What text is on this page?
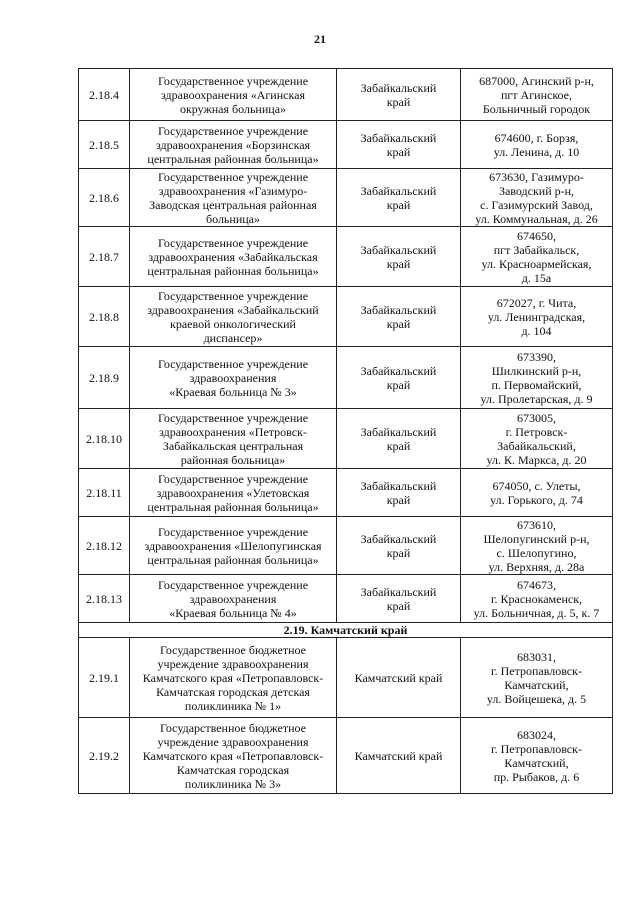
21
2.18.4	Государственное учреждение
здравоохранения «Агинская
окружная больница»	Забайкальский
край	687000, Агинский р-н,
пгт Агинское,
Больничный городок

2.18.5	Государственное учреждение
здравоохранения «Борзинская
центральная районная больница»	Забайкальский
край	674600, г. Борзя,
ул. Ленина, д. 10

2.18.6	Государственное учреждение
здравоохранения «Газимуро-
Заводская центральная районная
больница»	Забайкальский
край	673630, Газимуро-
Заводский р-н,
с. Газимурский Завод,
ул. Коммунальная, д. 26

2.18.7	Государственное учреждение
здравоохранения «Забайкальская
центральная районная больница»	Забайкальский
край	674650,
пгт Забайкальск,
ул. Красноармейская,
д. 15а

2.18.8	Государственное учреждение
здравоохранения «Забайкальский
краевой онкологический
диспансер»	Забайкальский
край	672027, г. Чита,
ул. Ленинградская,
д. 104

2.18.9	Государственное учреждение
здравоохранения
«Краевая больница № 3»	Забайкальский
край	673390,
Шилкинский р-н,
п. Первомайский,
ул. Пролетарская, д. 9

2.18.10	Государственное учреждение
здравоохранения «Петровск-
Забайкальская центральная
районная больница»	Забайкальский
край	673005,
г. Петровск-
Забайкальский,
ул. К. Маркса, д. 20

2.18.11	Государственное учреждение
здравоохранения «Улетовская
центральная районная больница»	Забайкальский
край	674050, с. Улеты,
ул. Горького, д. 74

2.18.12	Государственное учреждение
здравоохранения «Шелопугинская
центральная районная больница»	Забайкальский
край	673610,
Шелопугинский р-н,
с. Шелопугино,
ул. Верхняя, д. 28а

2.18.13	Государственное учреждение
здравоохранения
«Краевая больница № 4»	Забайкальский
край	674673,
г. Краснокаменск,
ул. Больничная, д. 5, к. 7

2.19. Камчатский край			
2.19.1	Государственное бюджетное
учреждение здравоохранения
Камчатского края «Петропавловск-
Камчатская городская детская
поликлиника № 1»	Камчатский край	683031,
г. Петропавловск-
Камчатский,
ул. Войцешека, д. 5

2.19.2	Государственное бюджетное
учреждение здравоохранения
Камчатского края «Петропавловск-
Камчатская городская
поликлиника № 3»	Камчатский край	683024,
г. Петропавловск-
Камчатский,
пр. Рыбаков, д. 6
